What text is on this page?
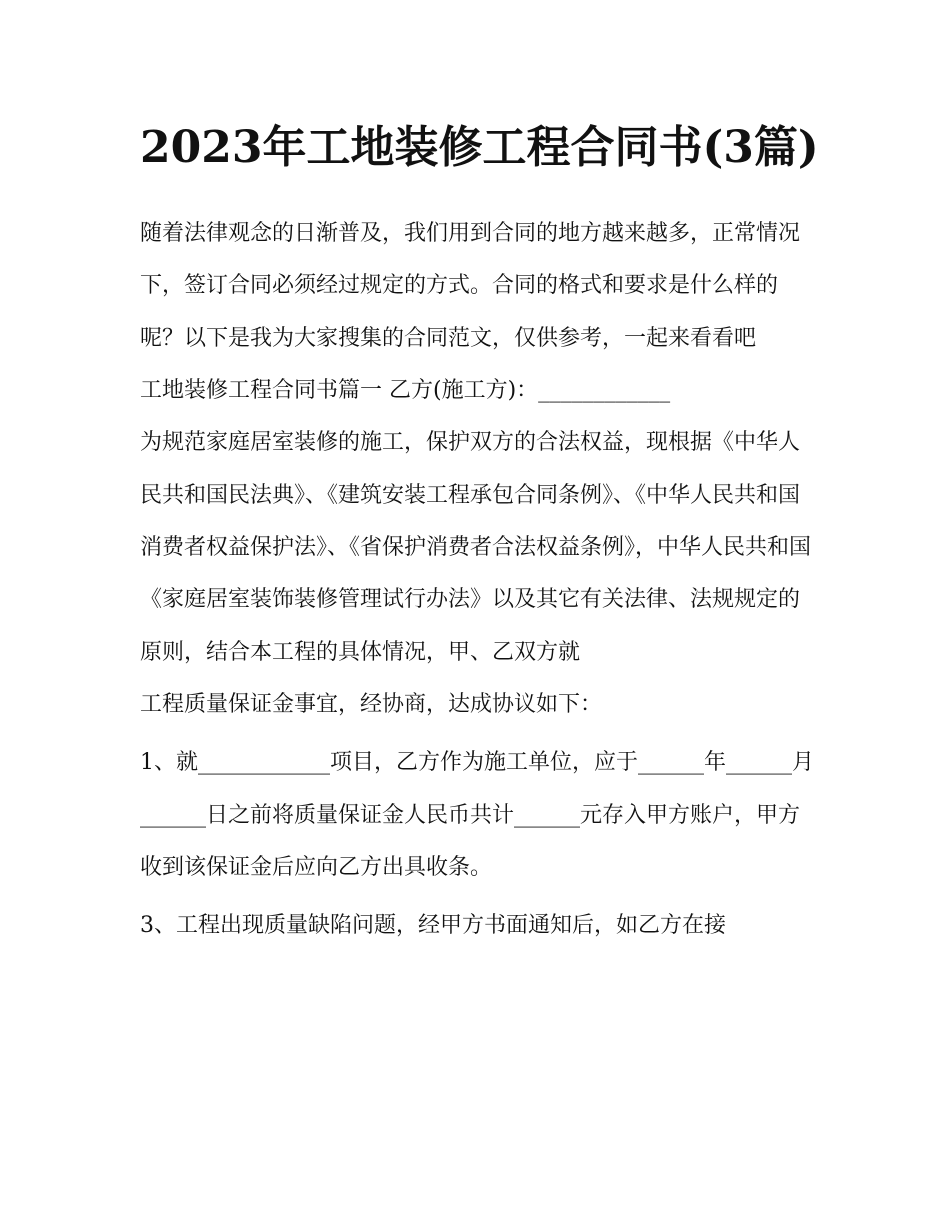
2023年工地装修工程合同书(3篇)

随着法律观念的日渐普及，我们用到合同的地方越来越多，正常情况下，签订合同必须经过规定的方式。合同的格式和要求是什么样的呢？以下是我为大家搜集的合同范文，仅供参考，一起来看看吧

工地装修工程合同书篇一 乙方(施工方)：____________

为规范家庭居室装修的施工，保护双方的合法权益，现根据《中华人民共和国民法典》、《建筑安装工程承包合同条例》、《中华人民共和国消费者权益保护法》、《省保护消费者合法权益条例》，中华人民共和国《家庭居室装饰装修管理试行办法》以及其它有关法律、法规规定的原则，结合本工程的具体情况，甲、乙双方就

工程质量保证金事宜，经协商，达成协议如下：

1、就____________项目，乙方作为施工单位，应于______年______月______日之前将质量保证金人民币共计______元存入甲方账户，甲方收到该保证金后应向乙方出具收条。

3、工程出现质量缺陷问题，经甲方书面通知后，如乙方在接
